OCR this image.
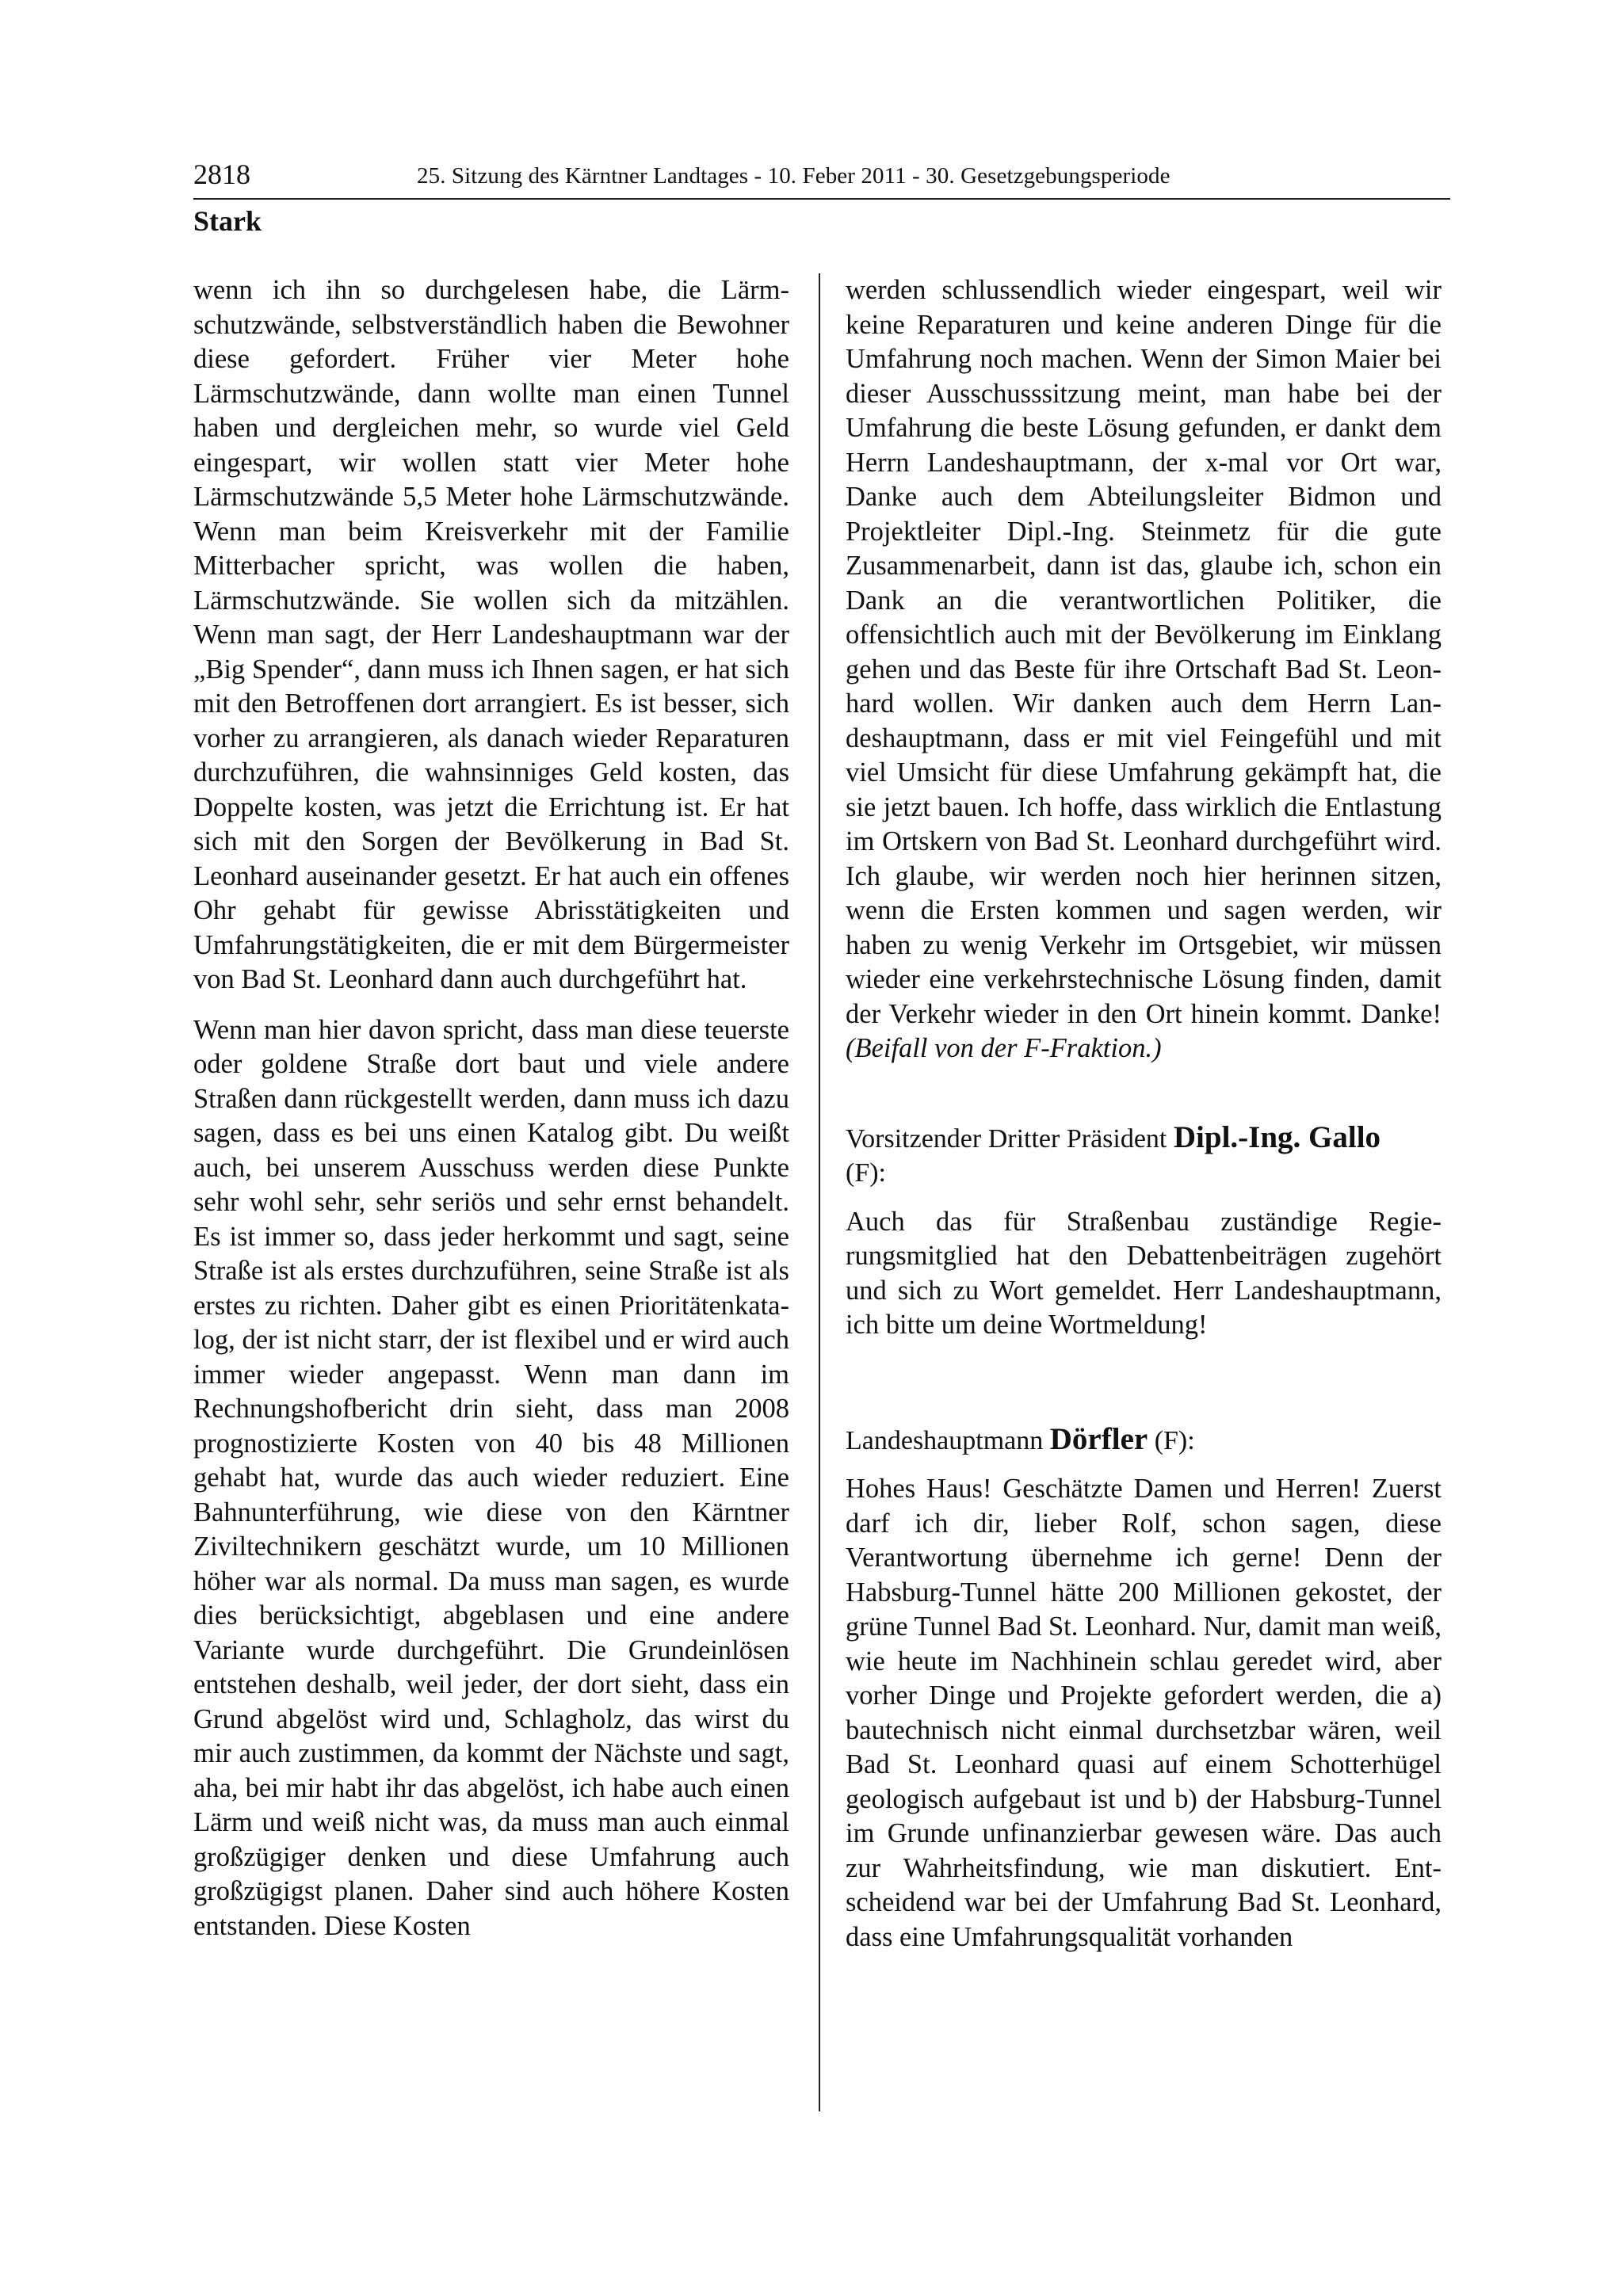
2818	25. Sitzung des Kärntner Landtages - 10. Feber 2011 - 30. Gesetzgebungsperiode
Stark

wenn ich ihn so durchgelesen habe, die Lärmschutzwände, selbstverständlich haben die Bewohner diese gefordert. Früher vier Meter hohe Lärmschutzwände, dann wollte man einen Tunnel haben und dergleichen mehr, so wurde viel Geld eingespart, wir wollen statt vier Meter hohe Lärmschutzwände 5,5 Meter hohe Lärmschutzwände. Wenn man beim Kreisverkehr mit der Familie Mitterbacher spricht, was wollen die haben, Lärmschutzwände. Sie wollen sich da mitzählen. Wenn man sagt, der Herr Landeshauptmann war der „Big Spender“, dann muss ich Ihnen sagen, er hat sich mit den Betroffenen dort arrangiert. Es ist besser, sich vorher zu arrangieren, als danach wieder Reparaturen durchzuführen, die wahnsinniges Geld kosten, das Doppelte kosten, was jetzt die Errichtung ist. Er hat sich mit den Sorgen der Bevölkerung in Bad St. Leonhard auseinander gesetzt. Er hat auch ein offenes Ohr gehabt für gewisse Abrisstätigkeiten und Umfahrungstätigkeiten, die er mit dem Bürgermeister von Bad St. Leonhard dann auch durchgeführt hat.

Wenn man hier davon spricht, dass man diese teuerste oder goldene Straße dort baut und viele andere Straßen dann rückgestellt werden, dann muss ich dazu sagen, dass es bei uns einen Katalog gibt. Du weißt auch, bei unserem Ausschuss werden diese Punkte sehr wohl sehr, sehr seriös und sehr ernst behandelt. Es ist immer so, dass jeder herkommt und sagt, seine Straße ist als erstes durchzuführen, seine Straße ist als erstes zu richten. Daher gibt es einen Prioritätenkatalog, der ist nicht starr, der ist flexibel und er wird auch immer wieder angepasst. Wenn man dann im Rechnungshofbericht drin sieht, dass man 2008 prognostizierte Kosten von 40 bis 48 Millionen gehabt hat, wurde das auch wieder reduziert. Eine Bahnunterführung, wie diese von den Kärntner Ziviltechnikern geschätzt wurde, um 10 Millionen höher war als normal. Da muss man sagen, es wurde dies berücksichtigt, abgeblasen und eine andere Variante wurde durchgeführt. Die Grundeinlösen entstehen deshalb, weil jeder, der dort sieht, dass ein Grund abgelöst wird und, Schlagholz, das wirst du mir auch zustimmen, da kommt der Nächste und sagt, aha, bei mir habt ihr das abgelöst, ich habe auch einen Lärm und weiß nicht was, da muss man auch einmal großzügiger denken und diese Umfahrung auch großzügigst planen. Daher sind auch höhere Kosten entstanden. Diese Kosten

werden schlussendlich wieder eingespart, weil wir keine Reparaturen und keine anderen Dinge für die Umfahrung noch machen. Wenn der Simon Maier bei dieser Ausschusssitzung meint, man habe bei der Umfahrung die beste Lösung gefunden, er dankt dem Herrn Landeshauptmann, der x-mal vor Ort war, Danke auch dem Abteilungsleiter Bidmon und Projektleiter Dipl.-Ing. Steinmetz für die gute Zusammenarbeit, dann ist das, glaube ich, schon ein Dank an die verantwortlichen Politiker, die offensichtlich auch mit der Bevölkerung im Einklang gehen und das Beste für ihre Ortschaft Bad St. Leonhard wollen. Wir danken auch dem Herrn Landeshauptmann, dass er mit viel Feingefühl und mit viel Umsicht für diese Umfahrung gekämpft hat, die sie jetzt bauen. Ich hoffe, dass wirklich die Entlastung im Ortskern von Bad St. Leonhard durchgeführt wird. Ich glaube, wir werden noch hier herinnen sitzen, wenn die Ersten kommen und sagen werden, wir haben zu wenig Verkehr im Ortsgebiet, wir müssen wieder eine verkehrstechnische Lösung finden, damit der Verkehr wieder in den Ort hinein kommt. Danke! (Beifall von der F-Fraktion.)

Vorsitzender Dritter Präsident Dipl.-Ing. Gallo
(F):

Auch das für Straßenbau zuständige Regierungsmitglied hat den Debattenbeiträgen zugehört und sich zu Wort gemeldet. Herr Landeshauptmann, ich bitte um deine Wortmeldung!

Landeshauptmann Dörfler (F):

Hohes Haus! Geschätzte Damen und Herren! Zuerst darf ich dir, lieber Rolf, schon sagen, diese Verantwortung übernehme ich gerne! Denn der Habsburg-Tunnel hätte 200 Millionen gekostet, der grüne Tunnel Bad St. Leonhard. Nur, damit man weiß, wie heute im Nachhinein schlau geredet wird, aber vorher Dinge und Projekte gefordert werden, die a) bautechnisch nicht einmal durchsetzbar wären, weil Bad St. Leonhard quasi auf einem Schotterhügel geologisch aufgebaut ist und b) der Habsburg-Tunnel im Grunde unfinanzierbar gewesen wäre. Das auch zur Wahrheitsfindung, wie man diskutiert. Entscheidend war bei der Umfahrung Bad St. Leonhard, dass eine Umfahrungsqualität vorhanden
